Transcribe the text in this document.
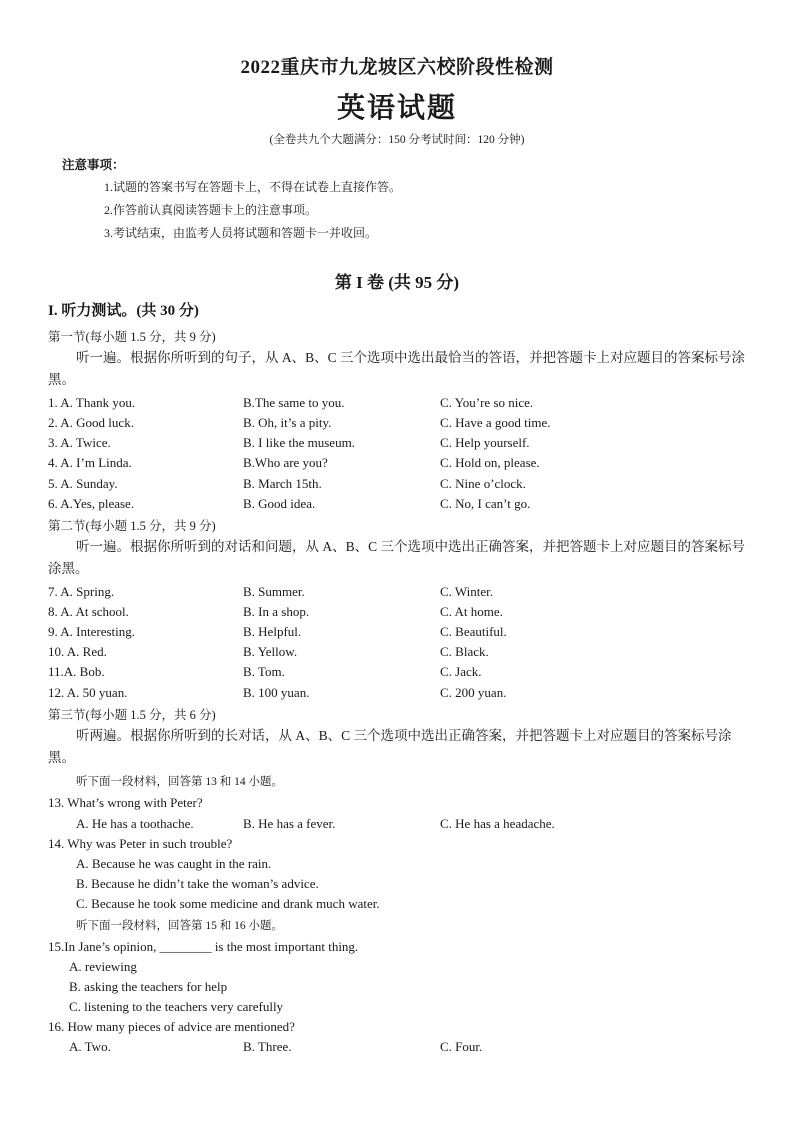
2022重庆市九龙坡区六校阶段性检测
英语试题
(全卷共九个大题满分：150 分考试时间：120 分钟)
注意事项：
1.试题的答案书写在答题卡上，不得在试卷上直接作答。
2.作答前认真阅读答题卡上的注意事项。
3.考试结束，由监考人员将试题和答题卡一并收回。
第 I 卷 (共 95 分)
I. 听力测试。(共 30 分)
第一节(每小题 1.5 分，共 9 分)
听一遍。根据你所听到的句子，从 A、B、C 三个选项中选出最恰当的答语，并把答题卡上对应题目的答案标号涂黑。
1. A. Thank you.	B.The same to you.	C. You’re so nice.
2. A. Good luck.	B. Oh, it’s a pity.	C. Have a good time.
3. A. Twice.	B. I like the museum.	C. Help yourself.
4. A. I’m Linda.	B.Who are you?	C. Hold on, please.
5. A. Sunday.	B. March 15th.	C. Nine o’clock.
6. A.Yes, please.	B. Good idea.	C. No, I can’t go.
第二节(每小题 1.5 分，共 9 分)
听一遍。根据你所听到的对话和问题，从 A、B、C 三个选项中选出正确答案，并把答题卡上对应题目的答案标号涂黑。
7. A. Spring.	B. Summer.	C. Winter.
8. A. At school.	B. In a shop.	C. At home.
9. A. Interesting.	B. Helpful.	C. Beautiful.
10. A. Red.	B. Yellow.	C. Black.
11.A. Bob.	B. Tom.	C. Jack.
12. A. 50 yuan.	B. 100 yuan.	C. 200 yuan.
第三节(每小题 1.5 分，共 6 分)
听两遍。根据你所听到的长对话，从 A、B、C 三个选项中选出正确答案，并把答题卡上对应题目的答案标号涂黑。
听下面一段材料，回答第 13 和 14 小题。
13. What’s wrong with Peter?
A. He has a toothache.	B. He has a fever.	C. He has a headache.
14. Why was Peter in such trouble?
A. Because he was caught in the rain.
B. Because he didn’t take the woman’s advice.
C. Because he took some medicine and drank much water.
听下面一段材料，回答第 15 和 16 小题。
15.In Jane’s opinion, ________ is the most important thing.
A. reviewing
B. asking the teachers for help
C. listening to the teachers very carefully
16. How many pieces of advice are mentioned?
A. Two.	B. Three.	C. Four.
